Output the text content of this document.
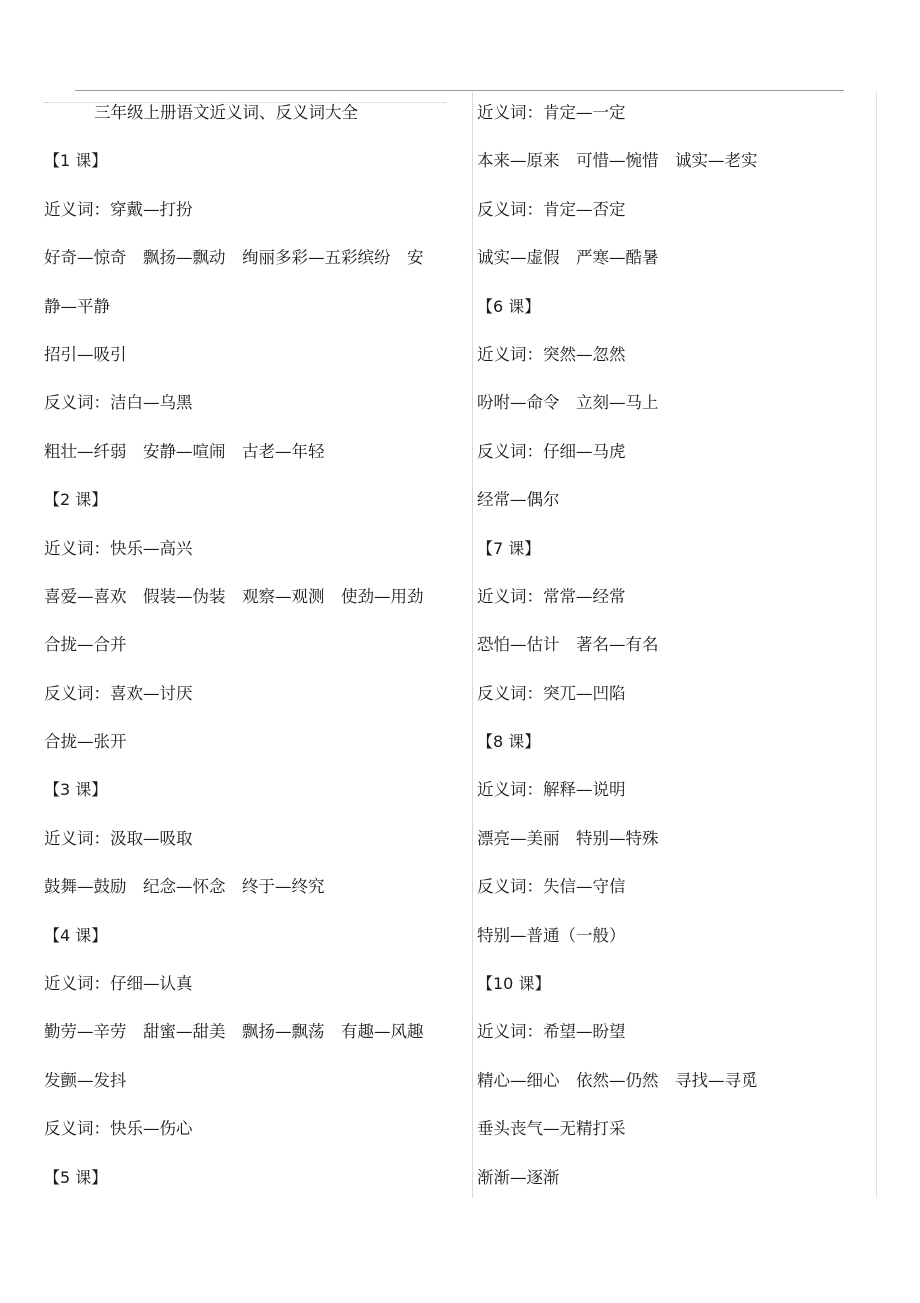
三年级上册语文近义词、反义词大全
【1 课】
近义词：穿戴—打扮
好奇—惊奇　飘扬—飘动　绚丽多彩—五彩缤纷　安
静—平静
招引—吸引
反义词：洁白—乌黑
粗壮—纤弱　安静—喧闹　古老—年轻
【2 课】
近义词：快乐—高兴
喜爱—喜欢　假装—伪装　观察—观测　使劲—用劲
合拢—合并
反义词：喜欢—讨厌
合拢—张开
【3 课】
近义词：汲取—吸取
鼓舞—鼓励　纪念—怀念　终于—终究
【4 课】
近义词：仔细—认真
勤劳—辛劳　甜蜜—甜美　飘扬—飘荡　有趣—风趣
发颤—发抖
反义词：快乐—伤心
【5 课】
近义词：肯定—一定
本来—原来　可惜—惋惜　诚实—老实
反义词：肯定—否定
诚实—虚假　严寒—酷暑
【6 课】
近义词：突然—忽然
吩咐—命令　立刻—马上
反义词：仔细—马虎
经常—偶尔
【7 课】
近义词：常常—经常
恐怕—估计　著名—有名
反义词：突兀—凹陷
【8 课】
近义词：解释—说明
漂亮—美丽　特别—特殊
反义词：失信—守信
特别—普通（一般）
【10 课】
近义词：希望—盼望
精心—细心　依然—仍然　寻找—寻觅
垂头丧气—无精打采
渐渐—逐渐
